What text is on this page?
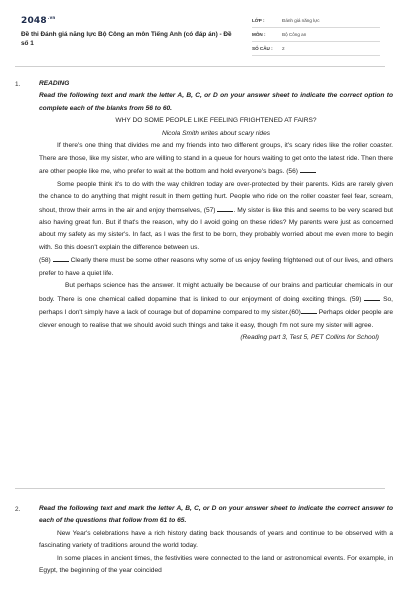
$2048^{.vn}$
Đề thi Đánh giá năng lực Bộ Công an môn Tiếng Anh (có đáp án) - Đề số 1
LỚP :	Đánh giá năng lực
MÔN :	Bộ Công an
SỐ CÂU : 2
1.	READING

Read the following text and mark the letter A, B, C, or D on your answer sheet to indicate the correct option to complete each of the blanks from 56 to 60.

WHY DO SOME PEOPLE LIKE FEELING FRIGHTENED AT FAIRS?

Nicola Smith writes about scary rides

If there's one thing that divides me and my friends into two different groups, it's scary rides like the roller coaster. There are those, like my sister, who are willing to stand in a queue for hours waiting to get onto the latest ride. Then there are other people like me, who prefer to wait at the bottom and hold everyone's bags. (56)

Some people think it's to do with the way children today are over-protected by their parents. Kids are rarely given the chance to do anything that might result in them getting hurt. People who ride on the roller coaster feel fear, scream, shout, throw their arms in the air and enjoy themselves, (57)	. My sister is like this and seems to be very scared but also having great fun. But if that's the reason, why do I avoid going on these rides? My parents were just as concerned about my safety as my sister's. In fact, as I was the first to be born, they probably worried about me even more to begin with. So this doesn't explain the difference between us.

(58)	Clearly there must be some other reasons why some of us enjoy feeling frightened out of our lives, and others prefer to have a quiet life.

But perhaps science has the answer. It might actually be because of our brains and particular chemicals in our body. There is one chemical called dopamine that is linked to our enjoyment of doing exciting things. (59)	So, perhaps I don't simply have a lack of courage but of dopamine compared to my sister.(60)	Perhaps older people are clever enough to realise that we should avoid such things and take it easy, though I'm not sure my sister will agree.

(Reading part 3, Test 5, PET Collins for School)

2.	Read the following text and mark the letter A, B, C, or D on your answer sheet to indicate the correct answer to each of the questions that follow from 61 to 65.

New Year's celebrations have a rich history dating back thousands of years and continue to be observed with a fascinating variety of traditions around the world today.

In some places in ancient times, the festivities were connected to the land or astronomical events. For example, in Egypt, the beginning of the year coincided
